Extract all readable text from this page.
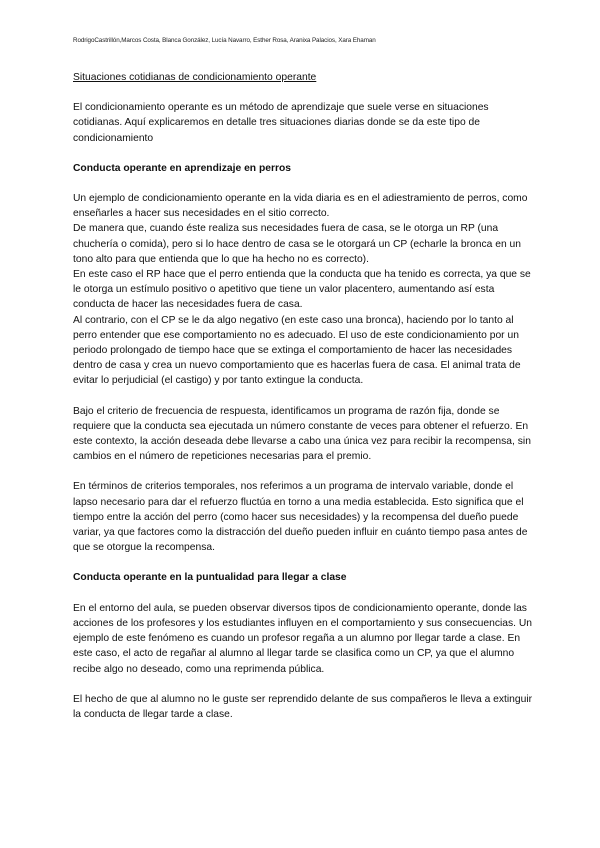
RodrigoCastrillón,Marcos Costa, Blanca González, Lucía Navarro, Esther Rosa, Aranixa Palacios, Xara Ehaman

Situaciones cotidianas de condicionamiento operante

El condicionamiento operante es un método de aprendizaje que suele verse en situaciones cotidianas. Aquí explicaremos en detalle tres situaciones diarias donde se da este tipo de condicionamiento

Conducta operante en aprendizaje en perros

Un ejemplo de condicionamiento operante en la vida diaria es en el adiestramiento de perros, como enseñarles a hacer sus necesidades en el sitio correcto.

De manera que, cuando éste realiza sus necesidades fuera de casa, se le otorga un RP (una chuchería o comida), pero si lo hace dentro de casa se le otorgará un CP (echarle la bronca en un tono alto para que entienda que lo que ha hecho no es correcto).

En este caso el RP hace que el perro entienda que la conducta que ha tenido es correcta, ya que se le otorga un estímulo positivo o apetitivo que tiene un valor placentero, aumentando así esta conducta de hacer las necesidades fuera de casa.

Al contrario, con el CP se le da algo negativo (en este caso una bronca), haciendo por lo tanto al perro entender que ese comportamiento no es adecuado. El uso de este condicionamiento por un periodo prolongado de tiempo hace que se extinga el comportamiento de hacer las necesidades dentro de casa y crea un nuevo comportamiento que es hacerlas fuera de casa. El animal trata de evitar lo perjudicial (el castigo) y por tanto extingue la conducta.

Bajo el criterio de frecuencia de respuesta, identificamos un programa de razón fija, donde se requiere que la conducta sea ejecutada un número constante de veces para obtener el refuerzo. En este contexto, la acción deseada debe llevarse a cabo una única vez para recibir la recompensa, sin cambios en el número de repeticiones necesarias para el premio.

En términos de criterios temporales, nos referimos a un programa de intervalo variable, donde el lapso necesario para dar el refuerzo fluctúa en torno a una media establecida. Esto significa que el tiempo entre la acción del perro (como hacer sus necesidades) y la recompensa del dueño puede variar, ya que factores como la distracción del dueño pueden influir en cuánto tiempo pasa antes de que se otorgue la recompensa.

Conducta operante en la puntualidad para llegar a clase

En el entorno del aula, se pueden observar diversos tipos de condicionamiento operante, donde las acciones de los profesores y los estudiantes influyen en el comportamiento y sus consecuencias. Un ejemplo de este fenómeno es cuando un profesor regaña a un alumno por llegar tarde a clase. En este caso, el acto de regañar al alumno al llegar tarde se clasifica como un CP, ya que el alumno recibe algo no deseado, como una reprimenda pública.

El hecho de que al alumno no le guste ser reprendido delante de sus compañeros le lleva a extinguir la conducta de llegar tarde a clase.
